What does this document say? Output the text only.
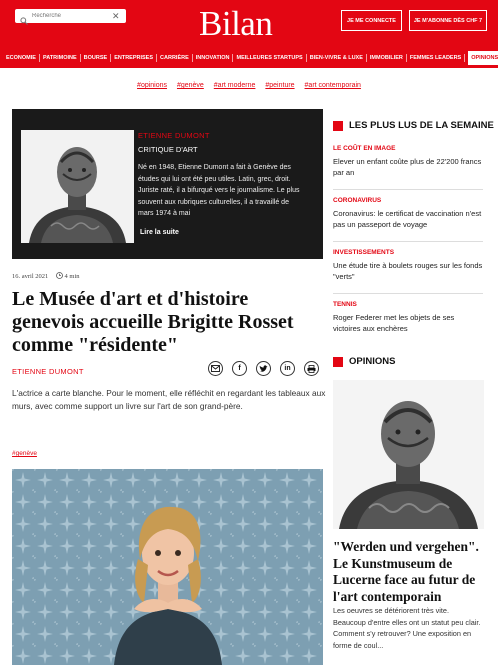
Recherche
✕ Bilan	JE ME CONNECTE	JE M'ABONNE DÈS CHF 7
ECONOMIE	PATRIMOINE	BOURSE	ENTREPRISES	CARRIÈRE	INNOVATION	MEILLEURES STARTUPS	BIEN-VIVRE & LUXE	IMMOBILIER	FEMMES LEADERS	OPINIONS
#opinions #genève #art moderne #peinture #art contemporain
ETIENNE DUMONT
CRITIQUE D'ART
Né en 1948, Etienne Dumont a fait à Genève des études qui lui ont été peu utiles. Latin, grec, droit. Juriste raté, il a bifurqué vers le journalisme. Le plus souvent aux rubriques culturelles, il a travaillé de mars 1974 à mai
Lire la suite
16. avril 2021	4 min
Le Musée d'art et d'histoire genevois accueille Brigitte Rosset comme "résidente"
ETIENNE DUMONT	f	in

L'actrice a carte blanche. Pour le moment, elle réfléchit en regardant les tableaux aux murs, avec comme support un livre sur l'art de son grand-père.

#genève
LES PLUS LUS DE LA SEMAINE
LE COÛT EN IMAGE
Elever un enfant coûte plus de 22'200 francs par an
CORONAVIRUS
Coronavirus: le certificat de vaccination n'est pas un passeport de voyage
INVESTISSEMENTS
Une étude tire à boulets rouges sur les fonds "verts"
TENNIS
Roger Federer met les objets de ses victoires aux enchères
OPINIONS
"Werden und vergehen". Le Kunstmuseum de Lucerne face au futur de l'art contemporain
Les oeuvres se détériorent très vite. Beaucoup d'entre elles ont un statut peu clair. Comment s'y retrouver? Une exposition en forme de coul...
